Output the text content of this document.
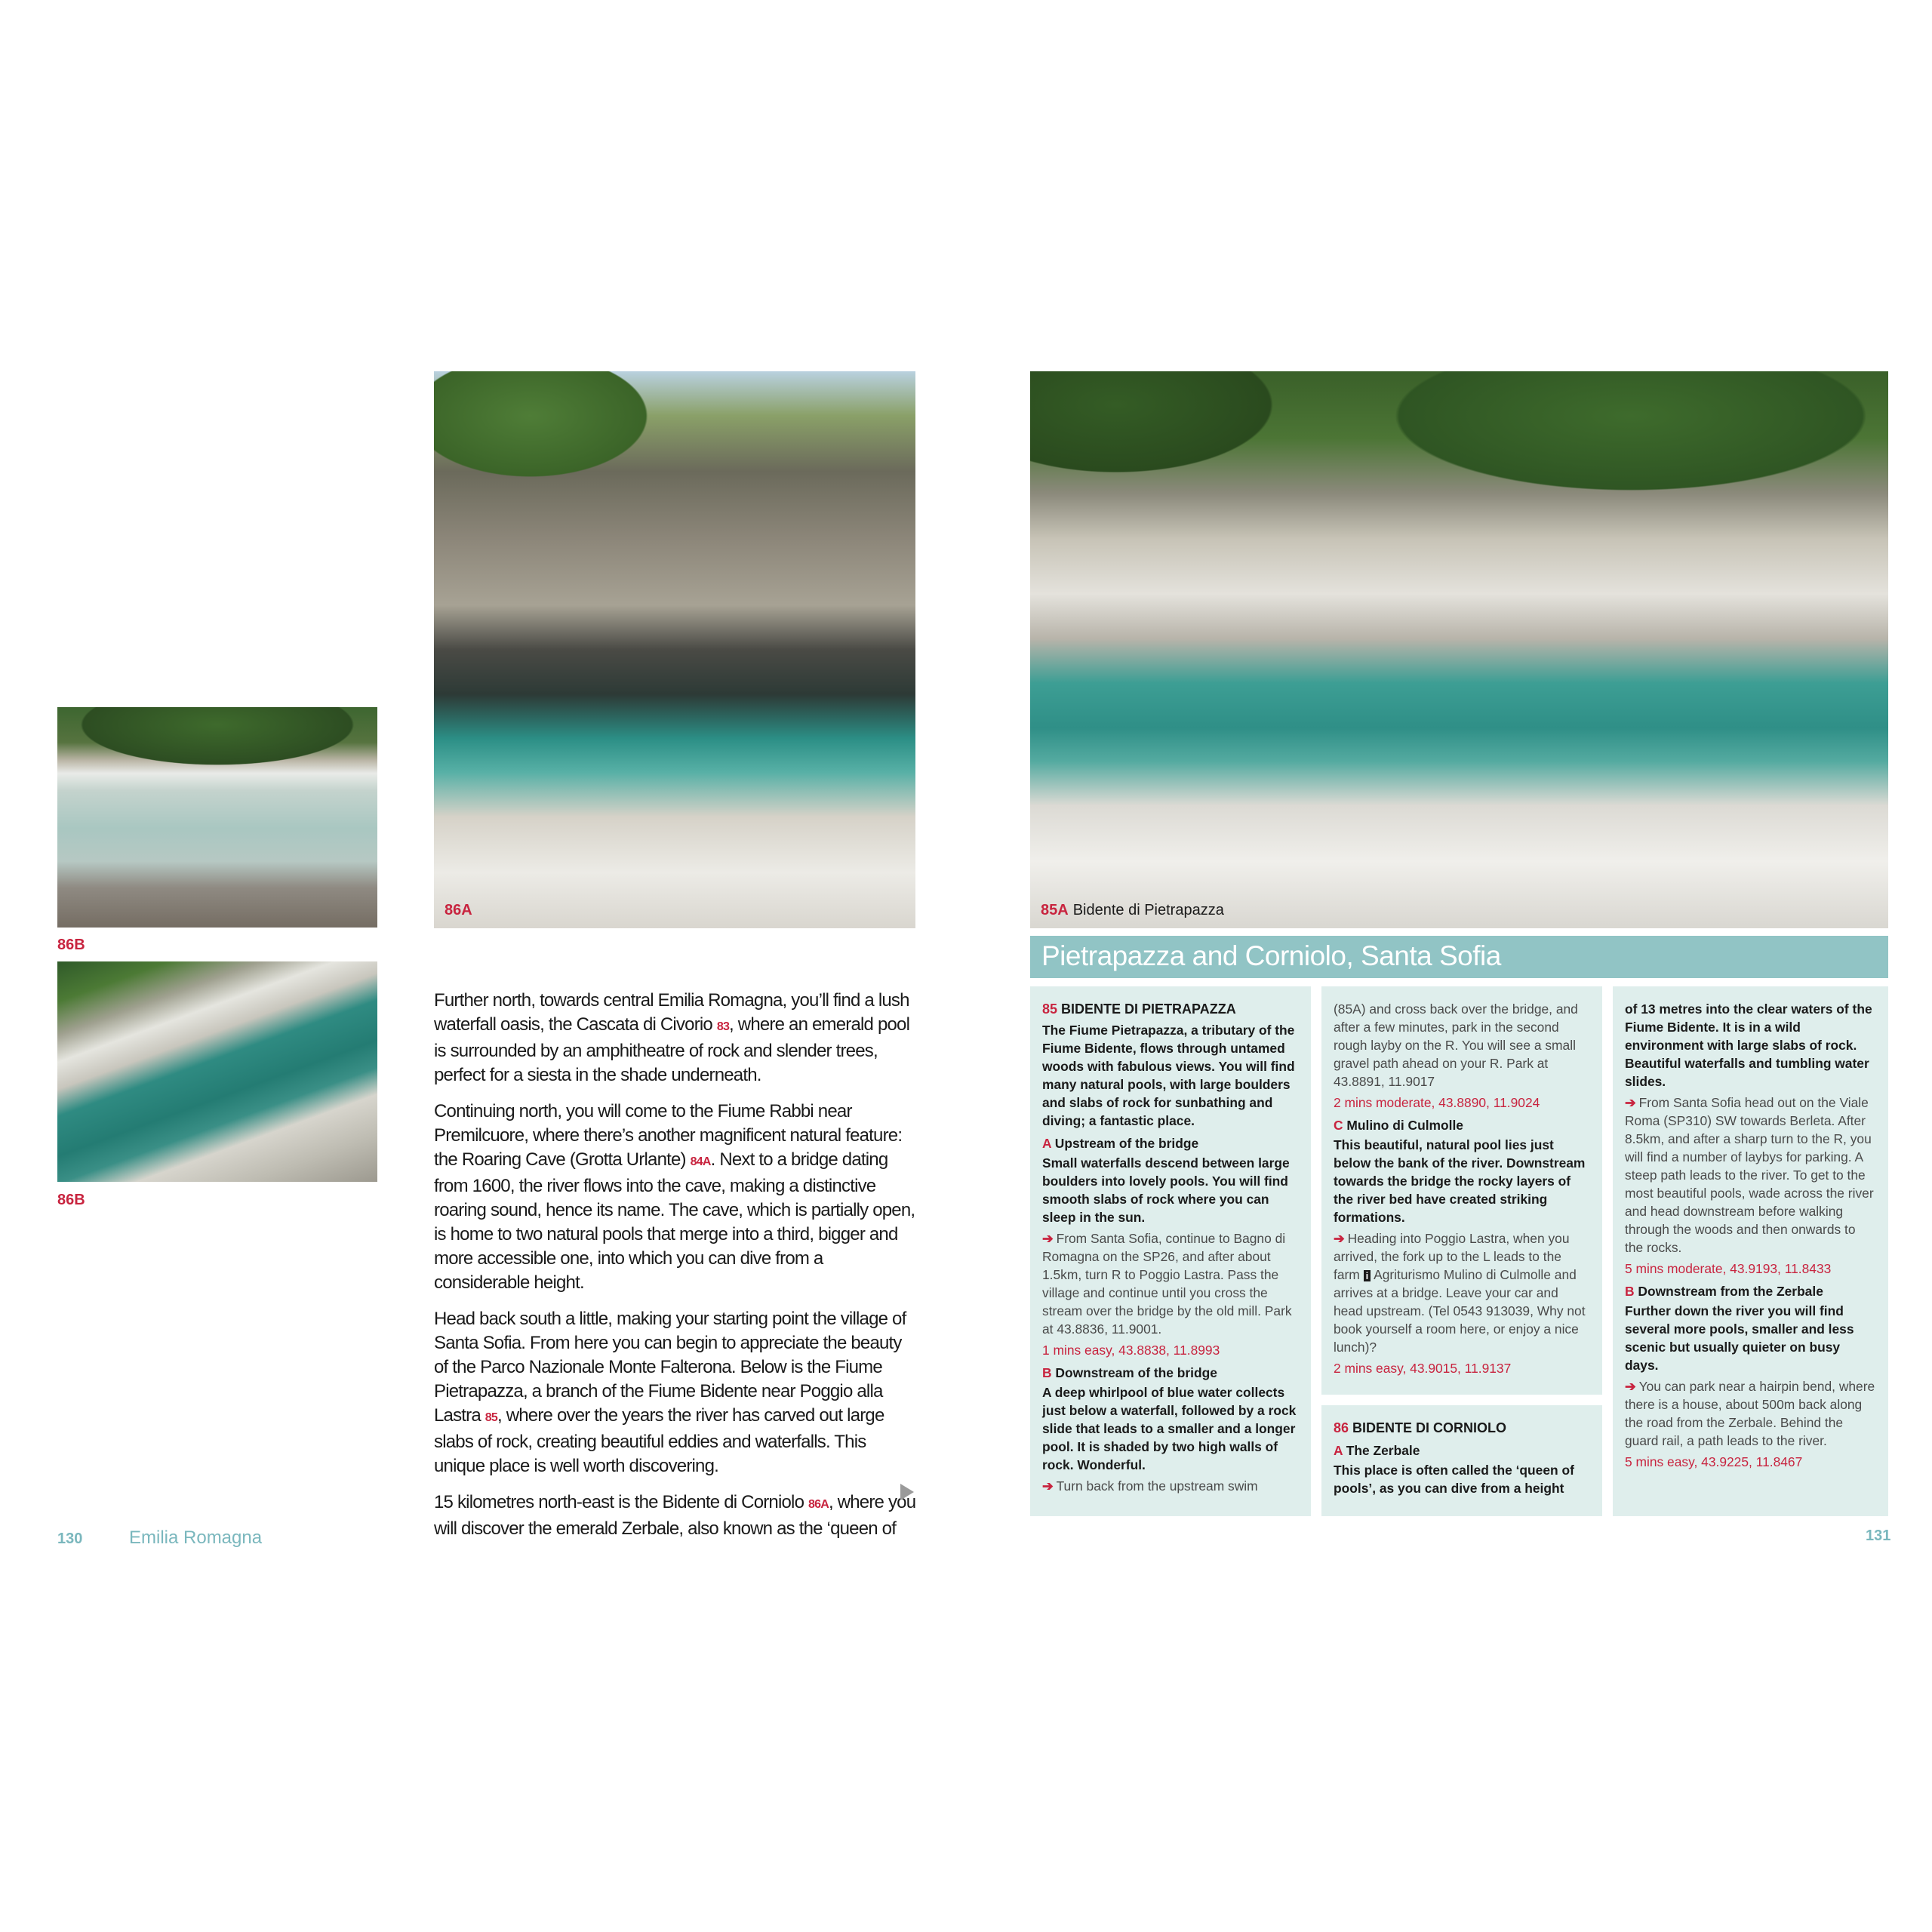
86B
86B
86A

Further north, towards central Emilia Romagna, you’ll find a lush waterfall oasis, the Cascata di Civorio 83, where an emerald pool is surrounded by an amphitheatre of rock and slender trees, perfect for a siesta in the shade underneath.

Continuing north, you will come to the Fiume Rabbi near Premilcuore, where there’s another magnificent natural feature: the Roaring Cave (Grotta Urlante) 84A. Next to a bridge dating from 1600, the river flows into the cave, making a distinctive roaring sound, hence its name. The cave, which is partially open, is home to two natural pools that merge into a third, bigger and more accessible one, into which you can dive from a considerable height.

Head back south a little, making your starting point the village of Santa Sofia. From here you can begin to appreciate the beauty of the Parco Nazionale Monte Falterona. Below is the Fiume Pietrapazza, a branch of the Fiume Bidente near Poggio alla Lastra 85, where over the years the river has carved out large slabs of rock, creating beautiful eddies and waterfalls. This unique place is well worth discovering.

15 kilometres north-east is the Bidente di Corniolo 86A, where you will discover the emerald Zerbale, also known as the ‘queen of

130	Emilia Romagna
85A Bidente di Pietrapazza
Pietrapazza and Corniolo, Santa Sofia
85 BIDENTE DI PIETRAPAZZA
The Fiume Pietrapazza, a tributary of the Fiume Bidente, flows through untamed woods with fabulous views. You will find many natural pools, with large boulders and slabs of rock for sunbathing and diving; a fantastic place.
A Upstream of the bridge
Small waterfalls descend between large boulders into lovely pools. You will find smooth slabs of rock where you can sleep in the sun.
➔ From Santa Sofia, continue to Bagno di Romagna on the SP26, and after about 1.5km, turn R to Poggio Lastra. Pass the village and continue until you cross the stream over the bridge by the old mill. Park at 43.8836, 11.9001.
1 mins easy, 43.8838, 11.8993
B Downstream of the bridge
A deep whirlpool of blue water collects just below a waterfall, followed by a rock slide that leads to a smaller and a longer pool. It is shaded by two high walls of rock. Wonderful.
➔ Turn back from the upstream swim
(85A) and cross back over the bridge, and after a few minutes, park in the second rough layby on the R. You will see a small gravel path ahead on your R. Park at 43.8891, 11.9017
2 mins moderate, 43.8890, 11.9024
C Mulino di Culmolle
This beautiful, natural pool lies just below the bank of the river. Downstream towards the bridge the rocky layers of the river bed have created striking formations.
➔ Heading into Poggio Lastra, when you arrived, the fork up to the L leads to the farm i Agriturismo Mulino di Culmolle and arrives at a bridge. Leave your car and head upstream. (Tel 0543 913039, Why not book yourself a room here, or enjoy a nice lunch)?
2 mins easy, 43.9015, 11.9137
86 BIDENTE DI CORNIOLO
A The Zerbale
This place is often called the ‘queen of pools’, as you can dive from a height
of 13 metres into the clear waters of the Fiume Bidente. It is in a wild environment with large slabs of rock. Beautiful waterfalls and tumbling water slides.
➔ From Santa Sofia head out on the Viale Roma (SP310) SW towards Berleta. After 8.5km, and after a sharp turn to the R, you will find a number of laybys for parking. A steep path leads to the river. To get to the most beautiful pools, wade across the river and head downstream before walking through the woods and then onwards to the rocks.
5 mins moderate, 43.9193, 11.8433
B Downstream from the Zerbale
Further down the river you will find several more pools, smaller and less scenic but usually quieter on busy days.
➔ You can park near a hairpin bend, where there is a house, about 500m back along the road from the Zerbale. Behind the guard rail, a path leads to the river.
5 mins easy, 43.9225, 11.8467
131
